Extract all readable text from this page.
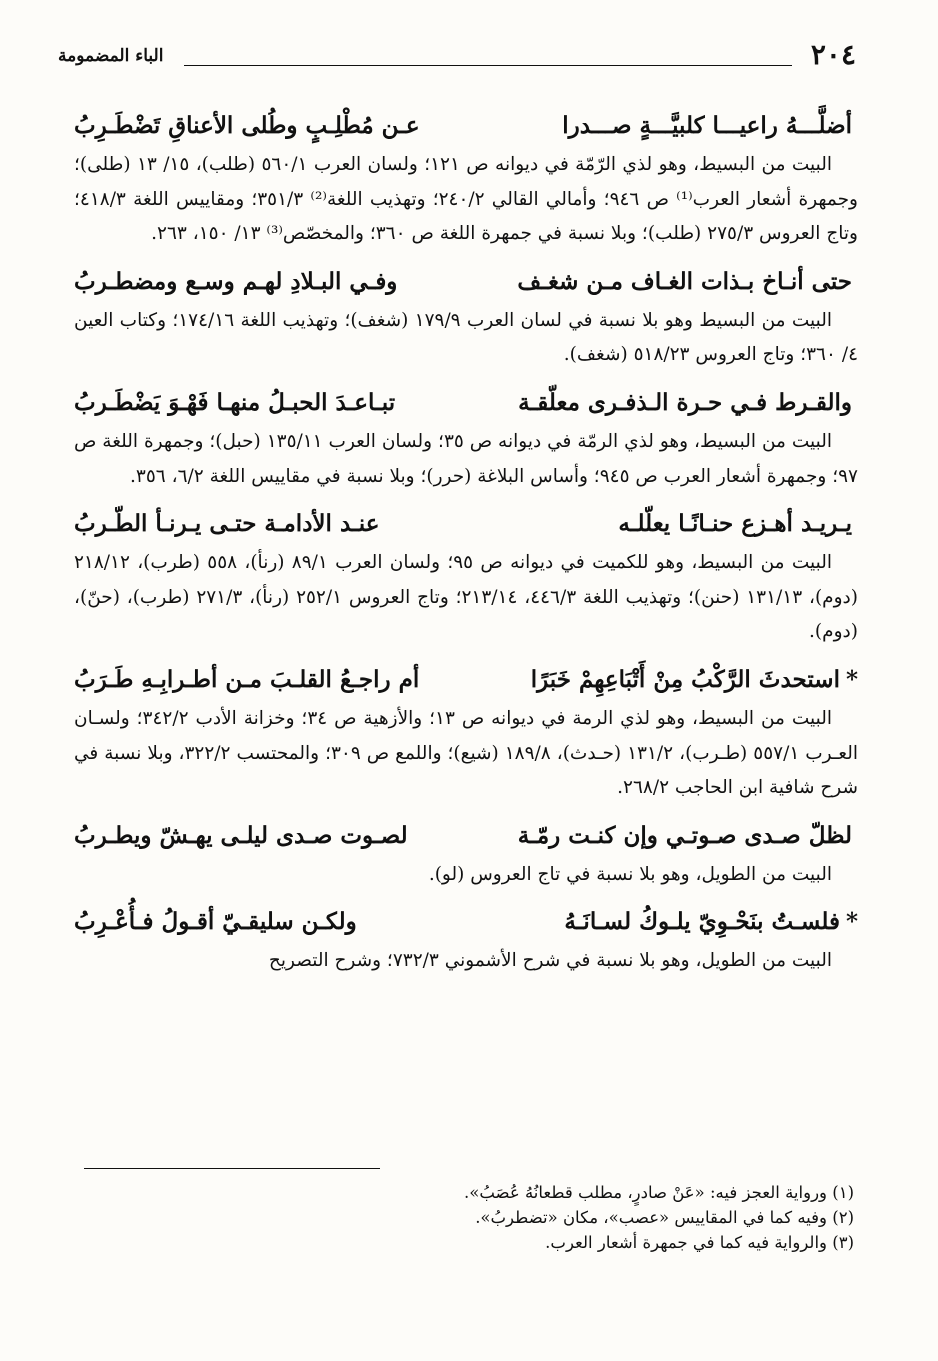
٢٠٤
الباء المضمومة
أضلَّـــهُ راعيـــا كلبيَّـــةٍ صـــدرا
عـن مُطْلِـبٍ وطُلى الأعناقِ تَضْطَـرِبُ

البيت من البسيط، وهو لذي الرّمّة في ديوانه ص ١٢١؛ ولسان العرب ٥٦٠/١ (طلب)، ١٥/ ١٣ (طلى)؛ وجمهرة أشعار العرب⁽¹⁾ ص ٩٤٦؛ وأمالي القالي ٢٤٠/٢؛ وتهذيب اللغة⁽²⁾ ٣٥١/٣؛ ومقاييس اللغة ٤١٨/٣؛ وتاج العروس ٢٧٥/٣ (طلب)؛ وبلا نسبة في جمهرة اللغة ص ٣٦٠؛ والمخصّص⁽³⁾ ١٣/ ١٥٠، ٢٦٣.

حتى أنـاخ بـذات الغـاف مـن شغـف
وفـي البـلادِ لهـم وسـع ومضطـربُ

البيت من البسيط وهو بلا نسبة في لسان العرب ١٧٩/٩ (شغف)؛ وتهذيب اللغة ١٧٤/١٦؛ وكتاب العين ٤/ ٣٦٠؛ وتاج العروس ٥١٨/٢٣ (شغف).

والقـرط فـي حـرة الـذفـرى معلّقـة
تبـاعـدَ الحبـلُ منهـا فَهْـوَ يَضْطَـربُ

البيت من البسيط، وهو لذي الرمّة في ديوانه ص ٣٥؛ ولسان العرب ١٣٥/١١ (حبل)؛ وجمهرة اللغة ص ٩٧؛ وجمهرة أشعار العرب ص ٩٤٥؛ وأساس البلاغة (حرر)؛ وبلا نسبة في مقاييس اللغة ٦/٢، ٣٥٦.

يـريـد أهـزع حنـانًـا يعلّلـه
عنـد الأدامـة حتـى يـرنـأ الطّـربُ

البيت من البسيط، وهو للكميت في ديوانه ص ٩٥؛ ولسان العرب ٨٩/١ (رنأ)، ٥٥٨ (طرب)، ٢١٨/١٢ (دوم)، ١٣١/١٣ (حنن)؛ وتهذيب اللغة ٤٤٦/٣، ٢١٣/١٤؛ وتاج العروس ٢٥٢/١ (رنأ)، ٢٧١/٣ (طرب)، (حنّ)، (دوم).

*استحدثَ الرَّكْبُ مِنْ أَتْبَاعِهِمْ خَبَرًا
أم راجـعُ القلـبَ مـن أطـرابِـهِ طَـرَبُ

البيت من البسيط، وهو لذي الرمة في ديوانه ص ١٣؛ والأزهية ص ٣٤؛ وخزانة الأدب ٣٤٢/٢؛ ولسـان العـرب ٥٥٧/١ (طـرب)، ١٣١/٢ (حـدث)، ١٨٩/٨ (شيع)؛ واللمع ص ٣٠٩؛ والمحتسب ٣٢٢/٢، وبلا نسبة في شرح شافية ابن الحاجب ٢٦٨/٢.

لظلّ صـدى صـوتـي وإن كنـت رمّـة
لصـوت صـدى ليلـى يهـشّ ويطـربُ

البيت من الطويل، وهو بلا نسبة في تاج العروس (لو).

*فلسـتُ بنَحْـوِيّ يلـوكُ لسـانَـهُ
ولكـن سليقـيّ أقـولُ فـأُعْـرِبُ

البيت من الطويل، وهو بلا نسبة في شرح الأشموني ٧٣٢/٣؛ وشرح التصريح

(١) ورواية العجز فيه: «عَنْ صادرٍ، مطلب قطعانُهُ عُصَبُ».

(٢) وفيه كما في المقاييس «عصب»، مكان «تضطربُ».

(٣) والرواية فيه كما في جمهرة أشعار العرب.
